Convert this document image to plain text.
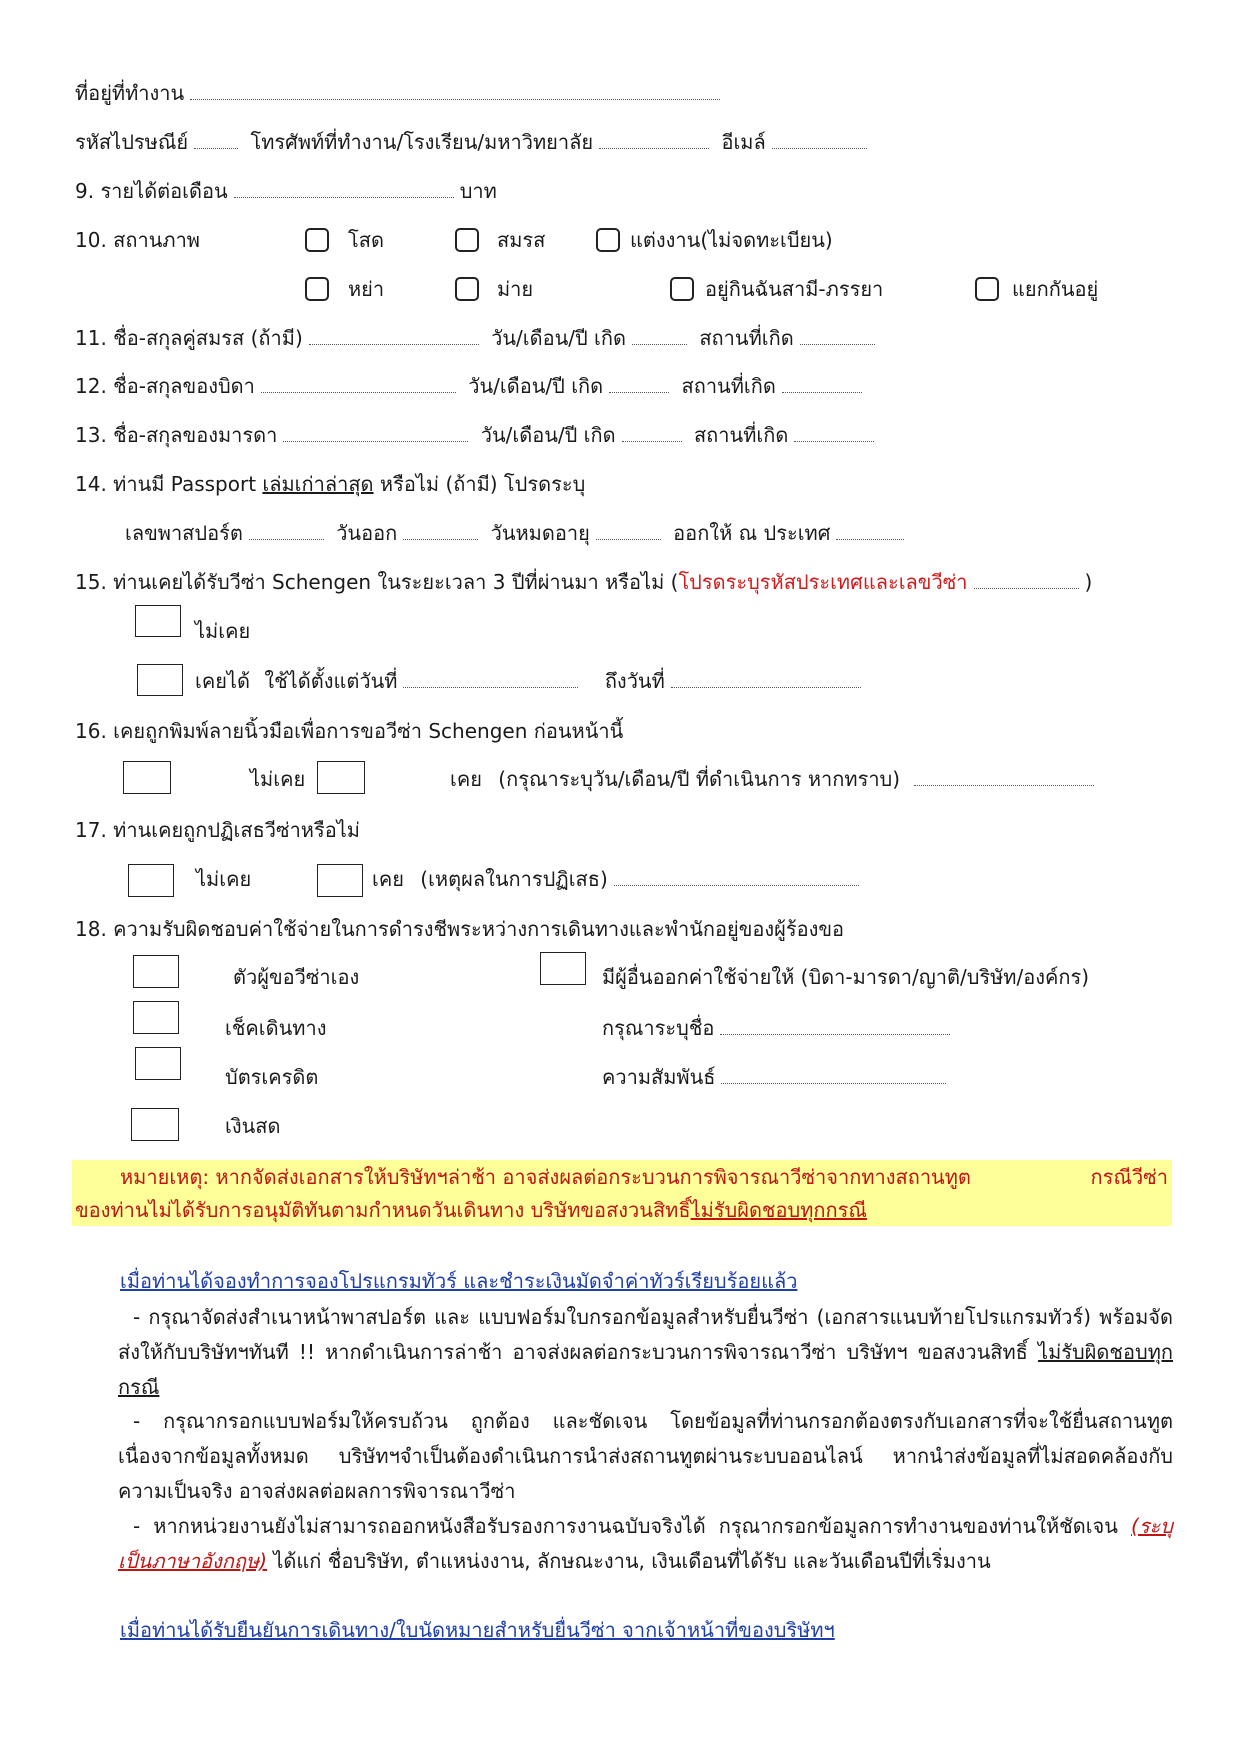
ที่อยู่ที่ทำงาน
รหัสไปรษณีย์	โทรศัพท์ที่ทำงาน/โรงเรียน/มหาวิทยาลัย	อีเมล์
9. รายได้ต่อเดือน	บาท
10. สถานภาพ	โสด	สมรส	แต่งงาน(ไม่จดทะเบียน)
หย่า	ม่าย	อยู่กินฉันสามี-ภรรยา	แยกกันอยู่
11. ชื่อ-สกุลคู่สมรส (ถ้ามี)	วัน/เดือน/ปี เกิด	สถานที่เกิด
12. ชื่อ-สกุลของบิดา	วัน/เดือน/ปี เกิด	สถานที่เกิด
13. ชื่อ-สกุลของมารดา	วัน/เดือน/ปี เกิด	สถานที่เกิด
14. ท่านมี Passport เล่มเก่าล่าสุด หรือไม่ (ถ้ามี) โปรดระบุ
เลขพาสปอร์ต	วันออก	วันหมดอายุ	ออกให้ ณ ประเทศ
15. ท่านเคยได้รับวีซ่า Schengen ในระยะเวลา 3 ปีที่ผ่านมา หรือไม่ (โปรดระบุรหัสประเทศและเลขวีซ่า	)
ไม่เคย
เคยได้ ใช้ได้ตั้งแต่วันที่	ถึงวันที่
16. เคยถูกพิมพ์ลายนิ้วมือเพื่อการขอวีซ่า Schengen ก่อนหน้านี้
ไม่เคย	เคย (กรุณาระบุวัน/เดือน/ปี ที่ดำเนินการ หากทราบ)
17. ท่านเคยถูกปฏิเสธวีซ่าหรือไม่
ไม่เคย	เคย (เหตุผลในการปฏิเสธ)
18. ความรับผิดชอบค่าใช้จ่ายในการดำรงชีพระหว่างการเดินทางและพำนักอยู่ของผู้ร้องขอ
ตัวผู้ขอวีซ่าเอง	มีผู้อื่นออกค่าใช้จ่ายให้ (บิดา-มารดา/ญาติ/บริษัท/องค์กร)
เช็คเดินทาง	กรุณาระบุชื่อ
บัตรเครดิต	ความสัมพันธ์
เงินสด
หมายเหตุ: หากจัดส่งเอกสารให้บริษัทฯล่าช้า อาจส่งผลต่อกระบวนการพิจารณาวีซ่าจากทางสถานทูต	กรณีวีซ่า
ของท่านไม่ได้รับการอนุมัติทันตามกำหนดวันเดินทาง บริษัทขอสงวนสิทธิ์ไม่รับผิดชอบทุกกรณี
เมื่อท่านได้จองทำการจองโปรแกรมทัวร์ และชำระเงินมัดจำค่าทัวร์เรียบร้อยแล้ว
- กรุณาจัดส่งสำเนาหน้าพาสปอร์ต และ แบบฟอร์มใบกรอกข้อมูลสำหรับยื่นวีซ่า (เอกสารแนบท้ายโปรแกรมทัวร์) พร้อมจัดส่งให้กับบริษัทฯทันที !! หากดำเนินการล่าช้า อาจส่งผลต่อกระบวนการพิจารณาวีซ่า บริษัทฯ ขอสงวนสิทธิ์ ไม่รับผิดชอบทุกกรณี
- กรุณากรอกแบบฟอร์มให้ครบถ้วน ถูกต้อง และชัดเจน โดยข้อมูลที่ท่านกรอกต้องตรงกับเอกสารที่จะใช้ยื่นสถานทูต เนื่องจากข้อมูลทั้งหมด บริษัทฯจำเป็นต้องดำเนินการนำส่งสถานทูตผ่านระบบออนไลน์ หากนำส่งข้อมูลที่ไม่สอดคล้องกับความเป็นจริง อาจส่งผลต่อผลการพิจารณาวีซ่า
- หากหน่วยงานยังไม่สามารถออกหนังสือรับรองการงานฉบับจริงได้ กรุณากรอกข้อมูลการทำงานของท่านให้ชัดเจน (ระบุเป็นภาษาอังกฤษ) ได้แก่ ชื่อบริษัท, ตำแหน่งงาน, ลักษณะงาน, เงินเดือนที่ได้รับ และวันเดือนปีที่เริ่มงาน
เมื่อท่านได้รับยืนยันการเดินทาง/ใบนัดหมายสำหรับยื่นวีซ่า จากเจ้าหน้าที่ของบริษัทฯ
